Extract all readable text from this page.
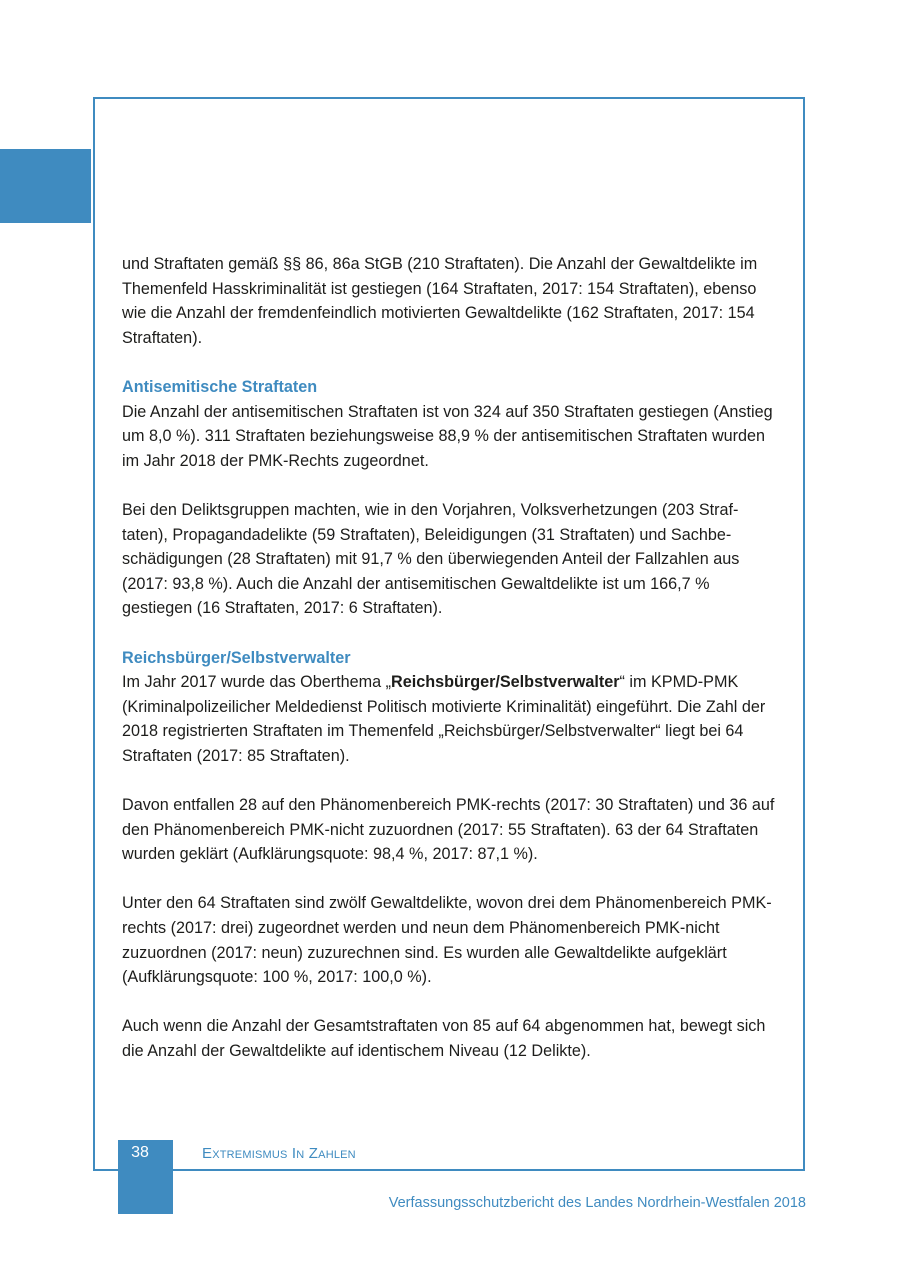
und Straftaten gemäß §§ 86, 86a StGB (210 Straftaten). Die Anzahl der Gewaltdelikte im Themenfeld Hasskriminalität ist gestiegen (164 Straftaten, 2017: 154 Straftaten), ebenso wie die Anzahl der fremdenfeindlich motivierten Gewaltdelikte (162 Straftaten, 2017: 154 Straftaten).

Antisemitische Straftaten

Die Anzahl der antisemitischen Straftaten ist von 324 auf 350 Straftaten gestiegen (Anstieg um 8,0 %). 311 Straftaten beziehungsweise 88,9 % der antisemitischen Straftaten wurden im Jahr 2018 der PMK-Rechts zugeordnet.

Bei den Deliktsgruppen machten, wie in den Vorjahren, Volksverhetzungen (203 Straf-taten), Propagandadelikte (59 Straftaten), Beleidigungen (31 Straftaten) und Sachbe-schädigungen (28 Straftaten) mit 91,7 % den überwiegenden Anteil der Fallzahlen aus (2017: 93,8 %). Auch die Anzahl der antisemitischen Gewaltdelikte ist um 166,7 % gestiegen (16 Straftaten, 2017: 6 Straftaten).

Reichsbürger/Selbstverwalter

Im Jahr 2017 wurde das Oberthema „Reichsbürger/Selbstverwalter“ im KPMD-PMK (Kriminalpolizeilicher Meldedienst Politisch motivierte Kriminalität) eingeführt. Die Zahl der 2018 registrierten Straftaten im Themenfeld „Reichsbürger/Selbstverwalter“ liegt bei 64 Straftaten (2017: 85 Straftaten).

Davon entfallen 28 auf den Phänomenbereich PMK-rechts (2017: 30 Straftaten) und 36 auf den Phänomenbereich PMK-nicht zuzuordnen (2017: 55 Straftaten). 63 der 64 Straftaten wurden geklärt (Aufklärungsquote: 98,4 %, 2017: 87,1 %).

Unter den 64 Straftaten sind zwölf Gewaltdelikte, wovon drei dem Phänomenbereich PMK-rechts (2017: drei) zugeordnet werden und neun dem Phänomenbereich PMK-nicht zuzuordnen (2017: neun) zuzurechnen sind. Es wurden alle Gewaltdelikte aufgeklärt (Aufklärungsquote: 100 %, 2017: 100,0 %).

Auch wenn die Anzahl der Gesamtstraftaten von 85 auf 64 abgenommen hat, bewegt sich die Anzahl der Gewaltdelikte auf identischem Niveau (12 Delikte).

38	Extremismus In Zahlen
Verfassungsschutzbericht des Landes Nordrhein-Westfalen 2018
